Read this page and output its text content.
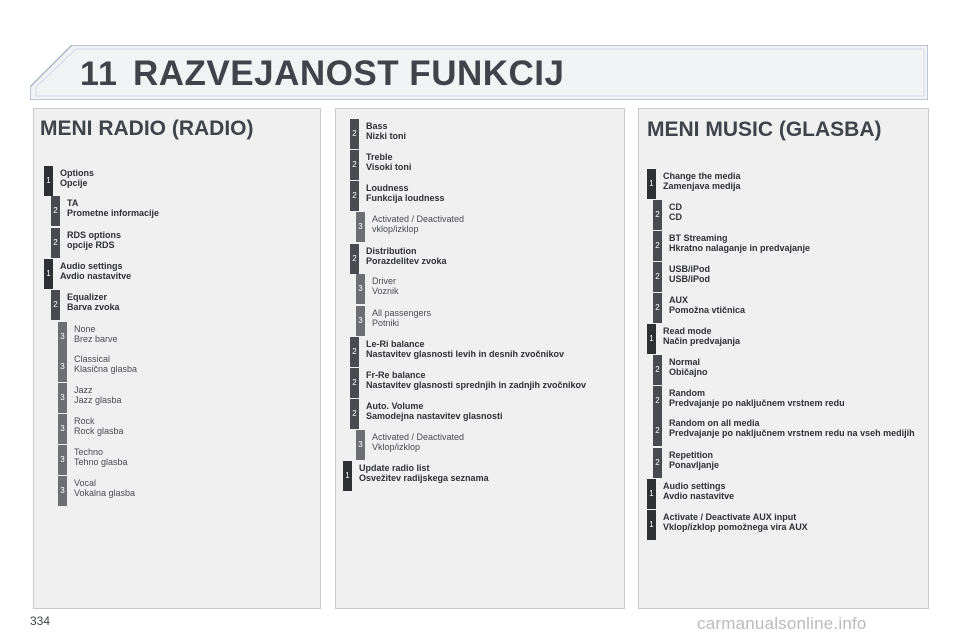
11 RAZVEJANOST FUNKCIJ
MENI RADIO (RADIO)
1
Options
Opcije
2
TA
Prometne informacije
2
RDS options
opcije RDS
1
Audio settings
Avdio nastavitve
2
Equalizer
Barva zvoka
3
None
Brez barve
3
Classical
Klasična glasba
3
Jazz
Jazz glasba
3
Rock
Rock glasba
3
Techno
Tehno glasba
3
Vocal
Vokalna glasba
2
Bass
Nizki toni
2
Treble
Visoki toni
2
Loudness
Funkcija loudness
3
Activated / Deactivated
vklop/izklop
2
Distribution
Porazdelitev zvoka
3
Driver
Voznik
3
All passengers
Potniki
2
Le-Ri balance
Nastavitev glasnosti levih in desnih zvočnikov
2
Fr-Re balance
Nastavitev glasnosti sprednjih in zadnjih zvočnikov
2
Auto. Volume
Samodejna nastavitev glasnosti
3
Activated / Deactivated
Vklop/izklop
1
Update radio list
Osvežitev radijskega seznama
MENI MUSIC (GLASBA)
1
Change the media
Zamenjava medija
2
CD
CD
2
BT Streaming
Hkratno nalaganje in predvajanje
2
USB/iPod
USB/iPod
2
AUX
Pomožna vtičnica
1
Read mode
Način predvajanja
2
Normal
Običajno
2
Random
Predvajanje po naključnem vrstnem redu
2
Random on all media
Predvajanje po naključnem vrstnem redu na vseh medijih
2
Repetition
Ponavljanje
1
Audio settings
Avdio nastavitve
1
Activate / Deactivate AUX input
Vklop/izklop pomožnega vira AUX
334	carmanualsonline.info
